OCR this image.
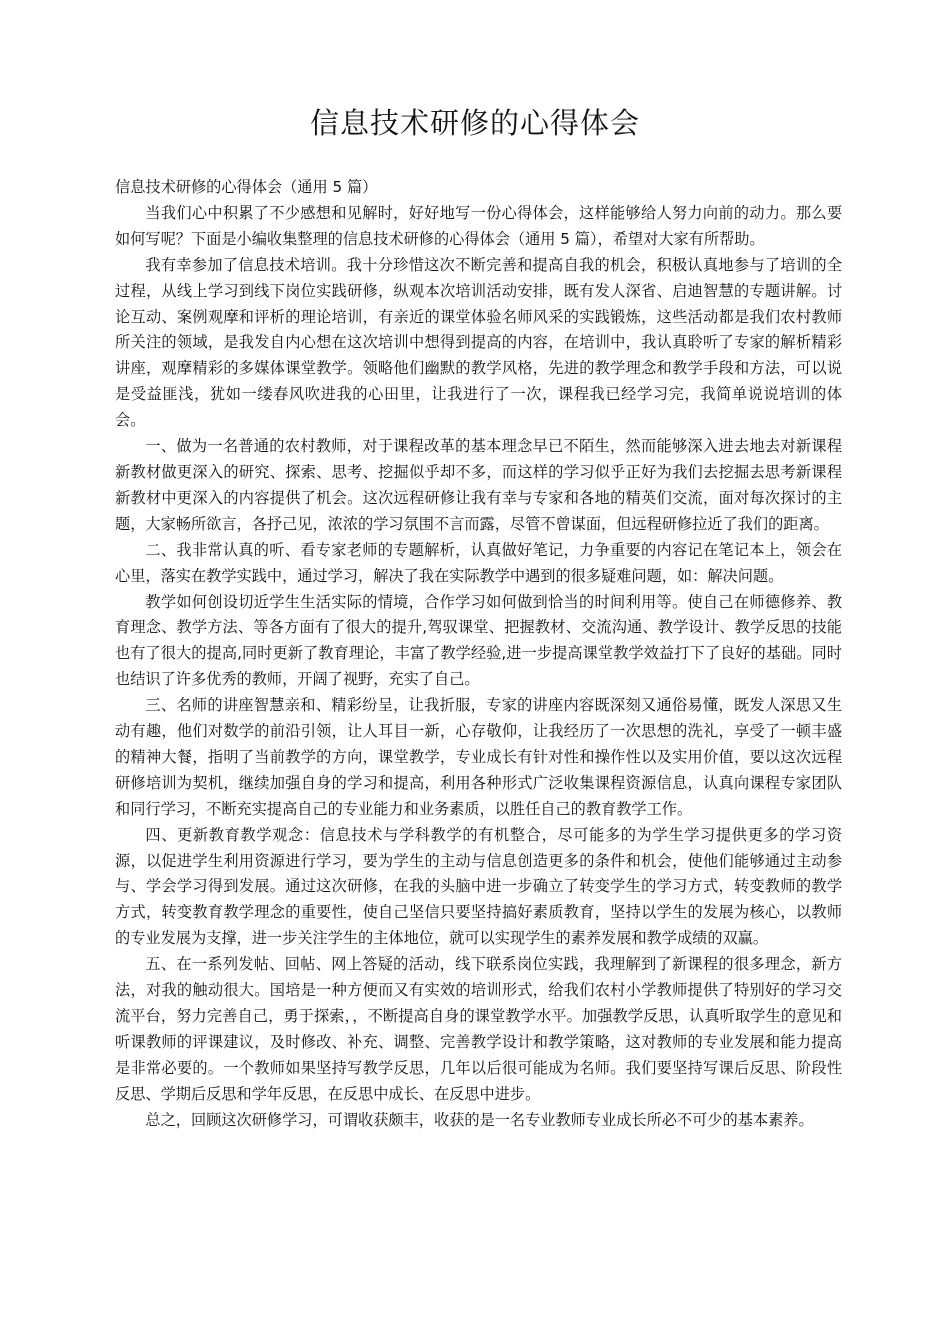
信息技术研修的心得体会

信息技术研修的心得体会（通用 5 篇）

当我们心中积累了不少感想和见解时，好好地写一份心得体会，这样能够给人努力向前的动力。那么要如何写呢？下面是小编收集整理的信息技术研修的心得体会（通用 5 篇），希望对大家有所帮助。

我有幸参加了信息技术培训。我十分珍惜这次不断完善和提高自我的机会，积极认真地参与了培训的全过程，从线上学习到线下岗位实践研修，纵观本次培训活动安排，既有发人深省、启迪智慧的专题讲解。讨论互动、案例观摩和评析的理论培训，有亲近的课堂体验名师风采的实践锻炼，这些活动都是我们农村教师所关注的领域，是我发自内心想在这次培训中想得到提高的内容，在培训中，我认真聆听了专家的解析精彩讲座，观摩精彩的多媒体课堂教学。领略他们幽默的教学风格，先进的教学理念和教学手段和方法，可以说是受益匪浅，犹如一缕春风吹进我的心田里，让我进行了一次，课程我已经学习完，我简单说说培训的体会。

一、做为一名普通的农村教师，对于课程改革的基本理念早已不陌生，然而能够深入进去地去对新课程新教材做更深入的研究、探索、思考、挖掘似乎却不多，而这样的学习似乎正好为我们去挖掘去思考新课程新教材中更深入的内容提供了机会。这次远程研修让我有幸与专家和各地的精英们交流，面对每次探讨的主题，大家畅所欲言，各抒己见，浓浓的学习氛围不言而露，尽管不曾谋面，但远程研修拉近了我们的距离。

二、我非常认真的听、看专家老师的专题解析，认真做好笔记，力争重要的内容记在笔记本上，领会在心里，落实在教学实践中，通过学习，解决了我在实际教学中遇到的很多疑难问题，如：解决问题。

教学如何创设切近学生生活实际的情境，合作学习如何做到恰当的时间利用等。使自己在师德修养、教育理念、教学方法、等各方面有了很大的提升,驾驭课堂、把握教材、交流沟通、教学设计、教学反思的技能也有了很大的提高,同时更新了教育理论，丰富了教学经验,进一步提高课堂教学效益打下了良好的基础。同时也结识了许多优秀的教师，开阔了视野，充实了自己。

三、名师的讲座智慧亲和、精彩纷呈，让我折服，专家的讲座内容既深刻又通俗易懂，既发人深思又生动有趣，他们对数学的前沿引领，让人耳目一新，心存敬仰，让我经历了一次思想的洗礼，享受了一顿丰盛的精神大餐，指明了当前教学的方向，课堂教学，专业成长有针对性和操作性以及实用价值，要以这次远程研修培训为契机，继续加强自身的学习和提高，利用各种形式广泛收集课程资源信息，认真向课程专家团队和同行学习，不断充实提高自己的专业能力和业务素质，以胜任自己的教育教学工作。

四、更新教育教学观念：信息技术与学科教学的有机整合，尽可能多的为学生学习提供更多的学习资源，以促进学生利用资源进行学习，要为学生的主动与信息创造更多的条件和机会，使他们能够通过主动参与、学会学习得到发展。通过这次研修，在我的头脑中进一步确立了转变学生的学习方式，转变教师的教学方式，转变教育教学理念的重要性，使自己坚信只要坚持搞好素质教育，坚持以学生的发展为核心，以教师的专业发展为支撑，进一步关注学生的主体地位，就可以实现学生的素养发展和教学成绩的双赢。

五、在一系列发帖、回帖、网上答疑的活动，线下联系岗位实践，我理解到了新课程的很多理念，新方法，对我的触动很大。国培是一种方便而又有实效的培训形式，给我们农村小学教师提供了特别好的学习交流平台，努力完善自己，勇于探索，，不断提高自身的课堂教学水平。加强教学反思，认真听取学生的意见和听课教师的评课建议，及时修改、补充、调整、完善教学设计和教学策略，这对教师的专业发展和能力提高是非常必要的。一个教师如果坚持写教学反思，几年以后很可能成为名师。我们要坚持写课后反思、阶段性反思、学期后反思和学年反思，在反思中成长、在反思中进步。

总之，回顾这次研修学习，可谓收获颇丰，收获的是一名专业教师专业成长所必不可少的基本素养。
